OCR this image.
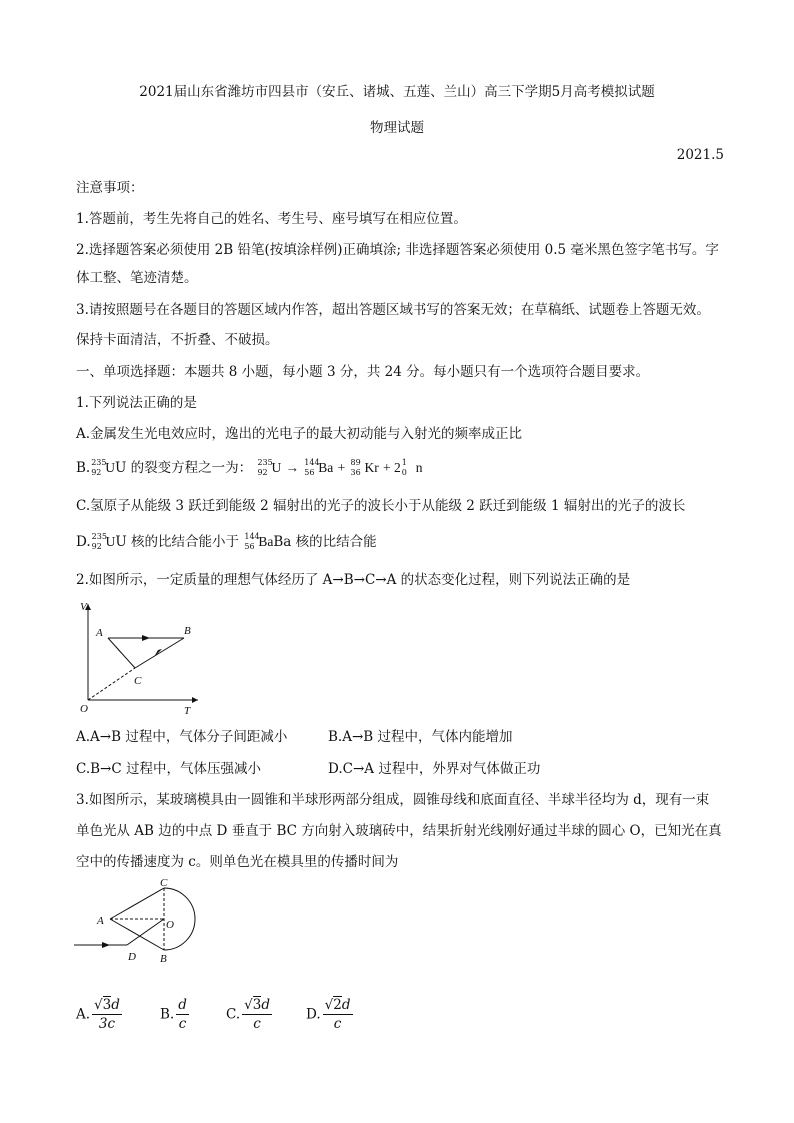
2021届山东省潍坊市四县市（安丘、诸城、五莲、兰山）高三下学期5月高考模拟试题
物理试题
2021.5
注意事项：
1.答题前，考生先将自己的姓名、考生号、座号填写在相应位置。
2.选择题答案必须使用 2B 铅笔(按填涂样例)正确填涂; 非选择题答案必须使用 0.5 毫米黑色签字笔书写。字
体工整、笔迹清楚。
3.请按照题号在各题目的答题区域内作答，超出答题区域书写的答案无效；在草稿纸、试题卷上答题无效。
保持卡面清洁，不折叠、不破损。
一、单项选择题：本题共 8 小题，每小题 3 分，共 24 分。每小题只有一个选项符合题目要求。
1.下列说法正确的是
A.金属发生光电效应时，逸出的光电子的最大初动能与入射光的频率成正比
B. 235
92 UU 的裂变方程之一为： 235
92 U → 144
56 Ba + 89
36 Kr + 2 1
0 n
C.氢原子从能级 3 跃迁到能级 2 辐射出的光子的波长小于从能级 2 跃迁到能级 1 辐射出的光子的波长
D. 235
92 UU 核的比结合能小于 144
56 BaBa 核的比结合能
2.如图所示，一定质量的理想气体经历了 A→B→C→A 的状态变化过程，则下列说法正确的是
V
T
O
A	B
C
A.A→B 过程中，气体分子间距减小	B.A→B 过程中，气体内能增加
C.B→C 过程中，气体压强减小	D.C→A 过程中，外界对气体做正功
3.如图所示，某玻璃模具由一圆锥和半球形两部分组成，圆锥母线和底面直径、半球半径均为 d，现有一束
单色光从 AB 边的中点 D 垂直于 BC 方向射入玻璃砖中，结果折射光线刚好通过半球的圆心 O，已知光在真
空中的传播速度为 c。则单色光在模具里的传播时间为
C
B
A	O
D
A. $\frac{√3d}{3c}$	B. $\frac{d}{c}$	C. $\frac{√3d}{c}$	D. $\frac{√2d}{c}$
